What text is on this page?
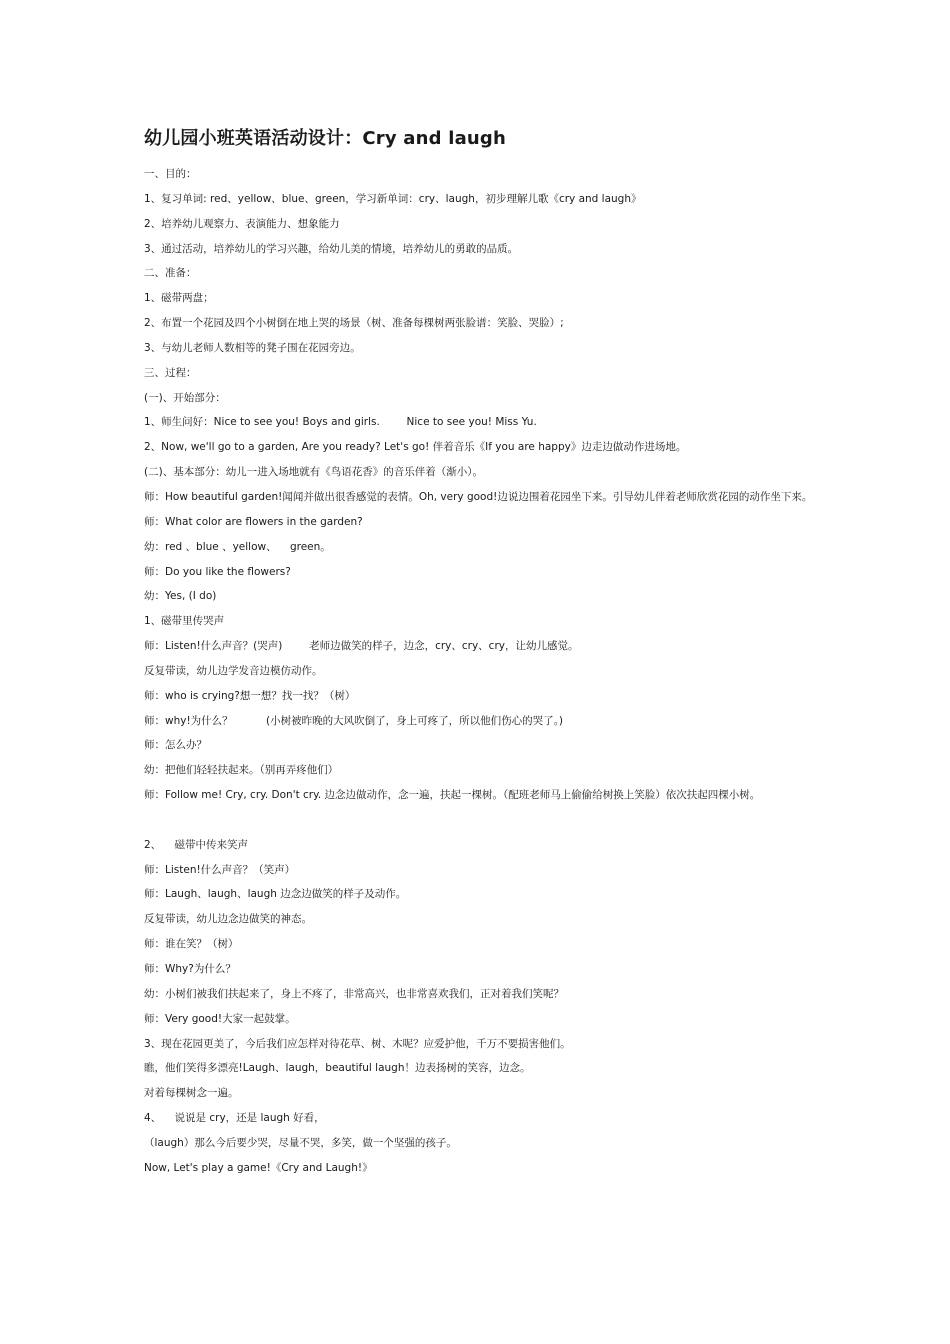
幼儿园小班英语活动设计：Cry and laugh
一、目的：
1、复习单词: red、yellow、blue、green，学习新单词：cry、laugh，初步理解儿歌《cry and laugh》
2、培养幼儿观察力、表演能力、想象能力
3、通过活动，培养幼儿的学习兴趣，给幼儿美的情境，培养幼儿的勇敢的品质。
二、准备：
1、磁带两盘；
2、布置一个花园及四个小树倒在地上哭的场景（树、准备每棵树两张脸谱：笑脸、哭脸）;
3、与幼儿老师人数相等的凳子围在花园旁边。
三、过程：
(一)、开始部分：
1、师生问好：Nice to see you! Boys and girls.        Nice to see you! Miss Yu.
2、Now, we'll go to a garden, Are you ready? Let's go! 伴着音乐《If you are happy》边走边做动作进场地。
(二)、基本部分：幼儿一进入场地就有《鸟语花香》的音乐伴着（渐小）。
师：How beautiful garden!闻闻并做出很香感觉的表情。Oh, very good!边说边围着花园坐下来。引导幼儿伴着老师欣赏花园的动作坐下来。
师：What color are flowers in the garden?
幼：red 、blue 、yellow、    green。
师：Do you like the flowers?
幼：Yes, (I do)
1、磁带里传哭声
师：Listen!什么声音？(哭声)        老师边做笑的样子，边念，cry、cry、cry，让幼儿感觉。
反复带读，幼儿边学发音边模仿动作。
师：who is crying?想一想？找一找？（树）
师：why!为什么？          (小树被昨晚的大风吹倒了，身上可疼了，所以他们伤心的哭了。)
师：怎么办？
幼：把他们轻轻扶起来。（别再弄疼他们）
师：Follow me! Cry, cry. Don't cry. 边念边做动作，念一遍，扶起一棵树。（配班老师马上偷偷给树换上笑脸）依次扶起四棵小树。
2、    磁带中传来笑声
师：Listen!什么声音？（笑声）
师：Laugh、laugh、laugh 边念边做笑的样子及动作。
反复带读，幼儿边念边做笑的神态。
师：谁在笑？（树）
师：Why?为什么？
幼：小树们被我们扶起来了，身上不疼了，非常高兴，也非常喜欢我们，正对着我们笑呢？
师：Very good!大家一起鼓掌。
3、现在花园更美了，今后我们应怎样对待花草、树、木呢？应爱护他，千万不要损害他们。
瞧，他们笑得多漂亮!Laugh、laugh，beautiful laugh！边表扬树的笑容，边念。
对着每棵树念一遍。
4、    说说是 cry，还是 laugh 好看，
（laugh）那么今后要少哭，尽量不哭，多笑，做一个坚强的孩子。
Now, Let's play a game!《Cry and Laugh!》
